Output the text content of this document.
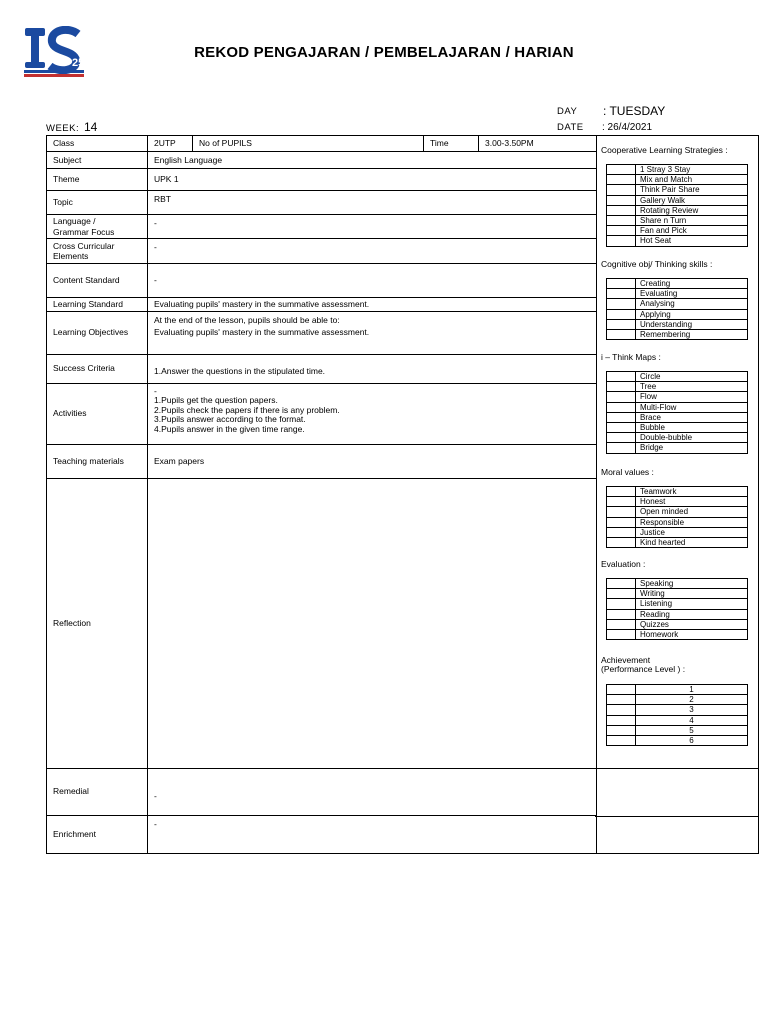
25
REKOD PENGAJARAN / PEMBELAJARAN / HARIAN
DAY : TUESDAY
WEEK: 14	DATE : 26/4/2021
Class	2UTP	No of PUPILS	Time	3.00-3.50PM
Subject	English Language			
Theme	UPK 1			
Topic	RBT			

Language /
Grammar Focus	-			

Cross Curricular
Elements	-			
Content Standard	-			
Learning Standard	Evaluating pupils' mastery in the summative assessment.			
Learning Objectives	At the end of the lesson, pupils should be able to:
Evaluating pupils' mastery in the summative assessment.			

Success Criteria	1.Answer the questions in the stipulated time.			
Activities	-
1.Pupils get the question papers.
2.Pupils check the papers if there is any problem.
3.Pupils answer according to the format.
4.Pupils answer in the given time range.			

Teaching materials	Exam papers			
Reflection				
Remedial	-			
Enrichment	-			
Cooperative Learning Strategies :
	1 Stray 3 Stay
	Mix and Match
	Think Pair Share
	Gallery Walk
	Rotating Review
	Share n Turn
	Fan and Pick
	Hot Seat
Cognitive obj/ Thinking skills :
	Creating
	Evaluating
	Analysing
	Applying
	Understanding
	Remembering
i – Think Maps :
	Circle
	Tree
	Flow
	Multi-Flow
	Brace
	Bubble
	Double-bubble
	Bridge
Moral values :
	Teamwork
	Honest
	Open minded
	Responsible
	Justice
	Kind hearted
Evaluation :
	Speaking
	Writing
	Listening
	Reading
	Quizzes
	Homework
Achievement
(Performance Level ) :
	1
	2
	3
	4
	5
	6
